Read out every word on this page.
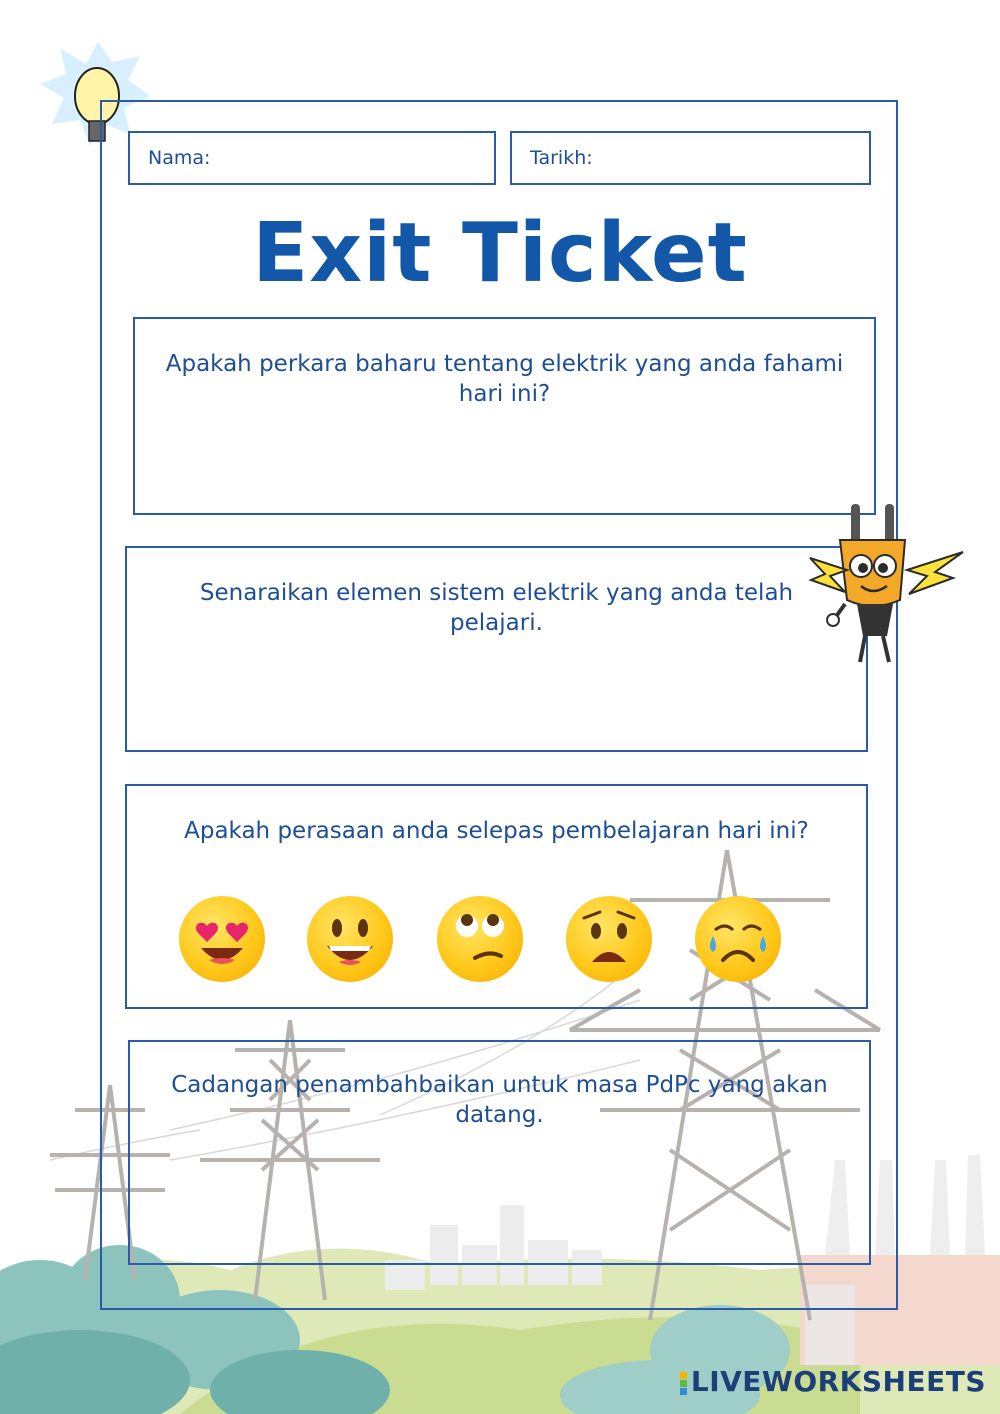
Nama:	Tarikh:
Exit Ticket
Apakah perkara baharu tentang elektrik yang anda fahami hari ini?
Senaraikan elemen sistem elektrik yang anda telah pelajari.
Apakah perasaan anda selepas pembelajaran hari ini?
Cadangan penambahbaikan untuk masa PdPc yang akan datang.
LIVEWORKSHEETS
